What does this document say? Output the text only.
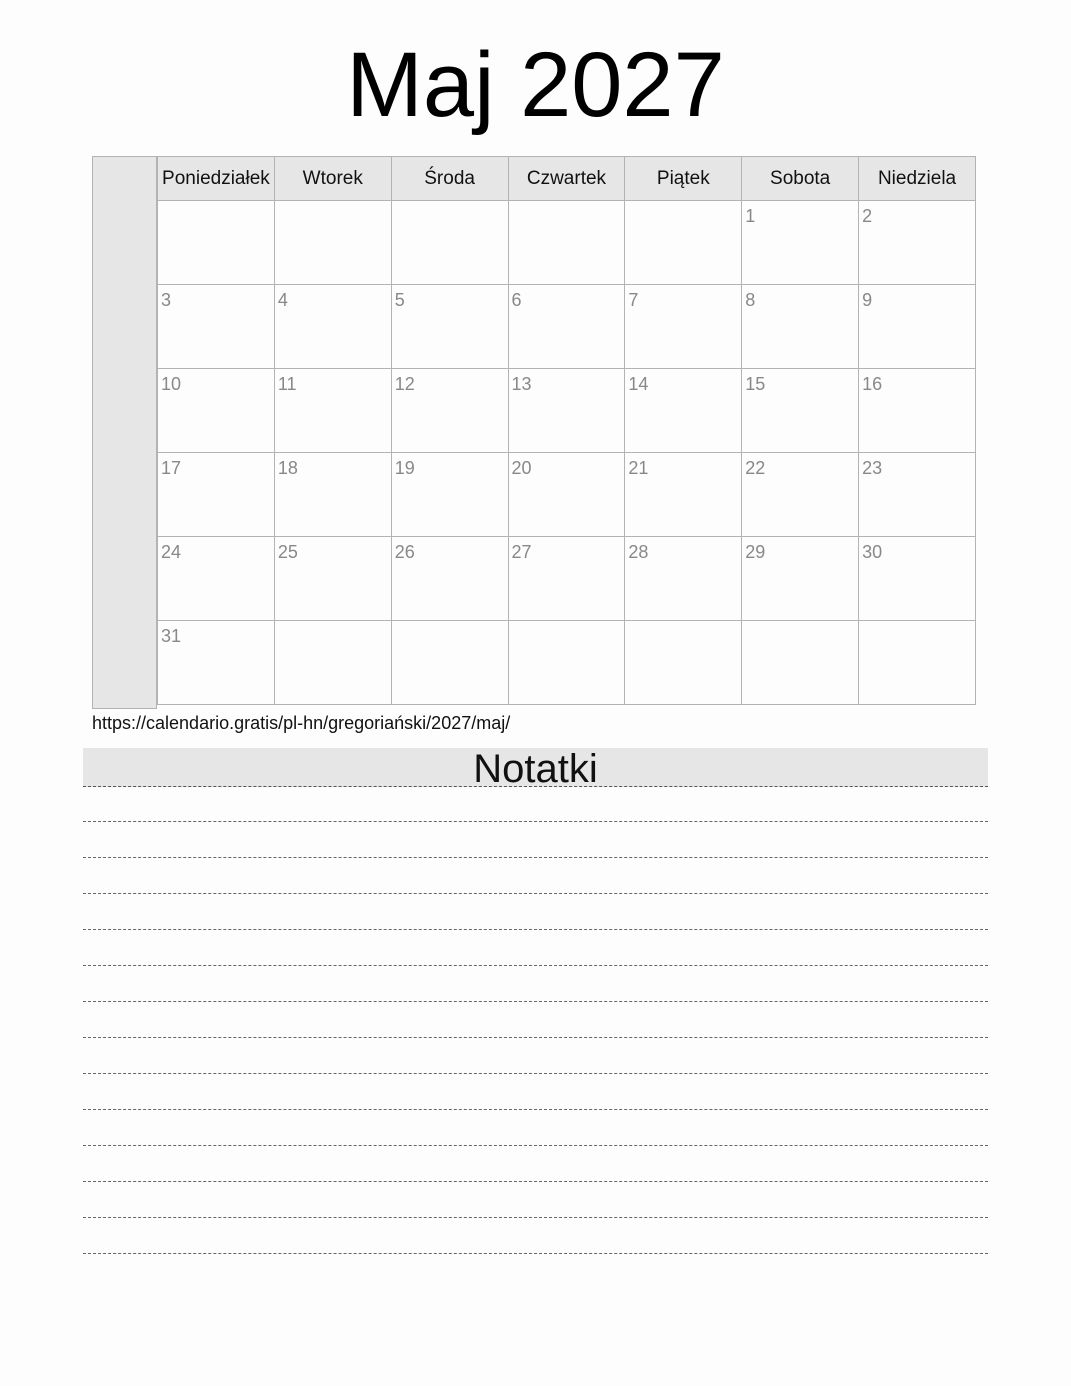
Maj 2027
Poniedziałek	Wtorek	Środa	Czwartek	Piątek	Sobota	Niedziela
					1	2
3	4	5	6	7	8	9
10	11	12	13	14	15	16
17	18	19	20	21	22	23
24	25	26	27	28	29	30
31						
https://calendario.gratis/pl-hn/gregoriański/2027/maj/
Notatki
